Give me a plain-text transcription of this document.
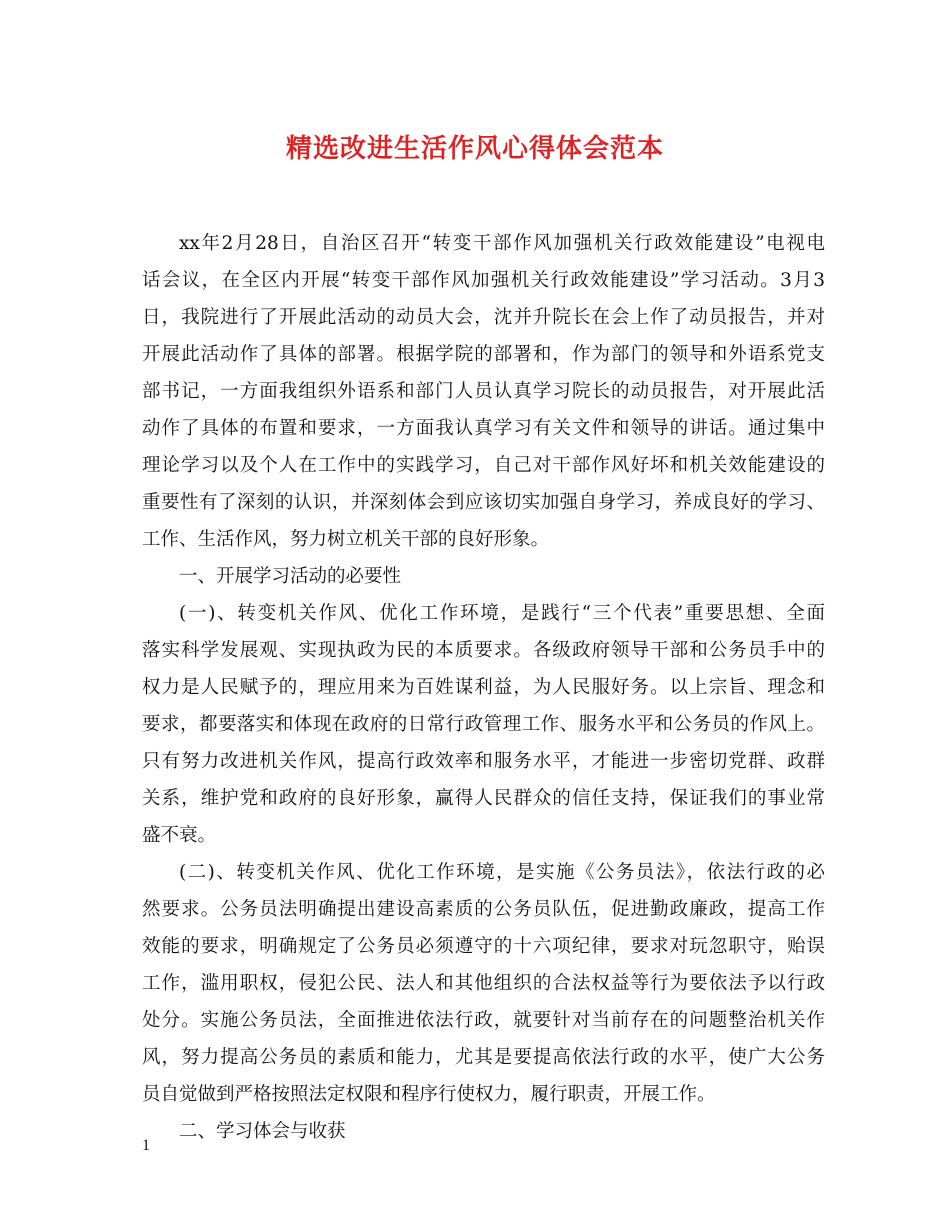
精选改进生活作风心得体会范本
xx年2月28日，自治区召开“转变干部作风加强机关行政效能建设”电视电
话会议，在全区内开展“转变干部作风加强机关行政效能建设”学习活动。3月3
日，我院进行了开展此活动的动员大会，沈并升院长在会上作了动员报告，并对
开展此活动作了具体的部署。根据学院的部署和，作为部门的领导和外语系党支
部书记，一方面我组织外语系和部门人员认真学习院长的动员报告，对开展此活
动作了具体的布置和要求，一方面我认真学习有关文件和领导的讲话。通过集中
理论学习以及个人在工作中的实践学习，自己对干部作风好坏和机关效能建设的
重要性有了深刻的认识，并深刻体会到应该切实加强自身学习，养成良好的学习、
工作、生活作风，努力树立机关干部的良好形象。
一、开展学习活动的必要性
(一)、转变机关作风、优化工作环境，是践行“三个代表”重要思想、全面
落实科学发展观、实现执政为民的本质要求。各级政府领导干部和公务员手中的
权力是人民赋予的，理应用来为百姓谋利益，为人民服好务。以上宗旨、理念和
要求，都要落实和体现在政府的日常行政管理工作、服务水平和公务员的作风上。
只有努力改进机关作风，提高行政效率和服务水平，才能进一步密切党群、政群
关系，维护党和政府的良好形象，赢得人民群众的信任支持，保证我们的事业常
盛不衰。
(二)、转变机关作风、优化工作环境，是实施《公务员法》，依法行政的必
然要求。公务员法明确提出建设高素质的公务员队伍，促进勤政廉政，提高工作
效能的要求，明确规定了公务员必须遵守的十六项纪律，要求对玩忽职守，贻误
工作，滥用职权，侵犯公民、法人和其他组织的合法权益等行为要依法予以行政
处分。实施公务员法，全面推进依法行政，就要针对当前存在的问题整治机关作
风，努力提高公务员的素质和能力，尤其是要提高依法行政的水平，使广大公务
员自觉做到严格按照法定权限和程序行使权力，履行职责，开展工作。
二、学习体会与收获
1
